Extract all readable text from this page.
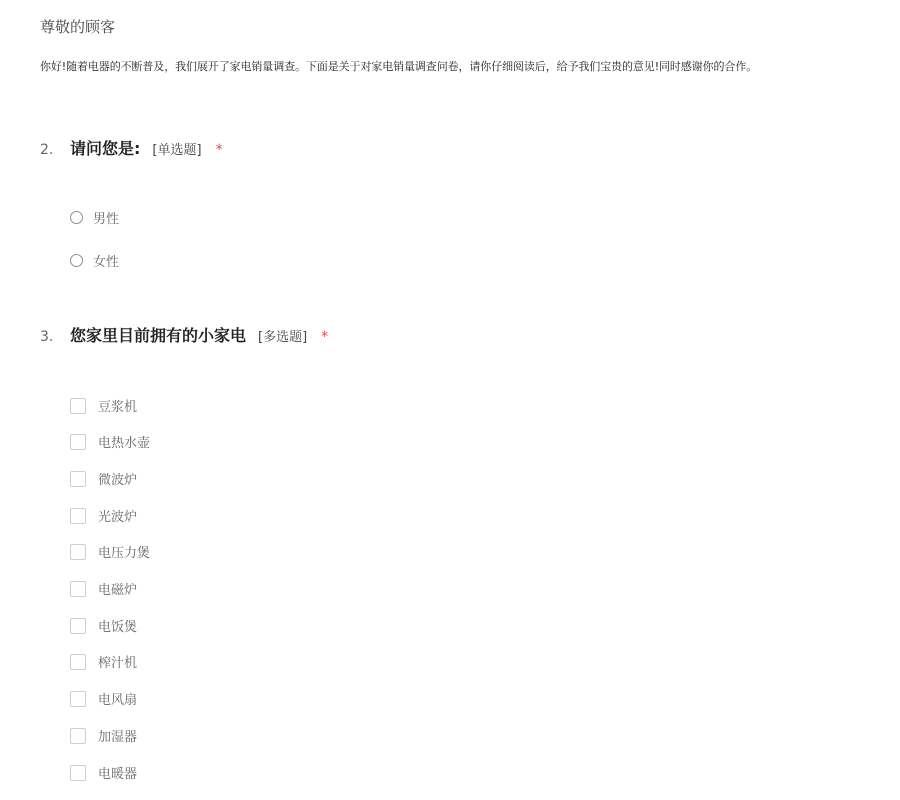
尊敬的顾客
你好!随着电器的不断普及，我们展开了家电销量调查。下面是关于对家电销量调查问卷，请你仔细阅读后，给予我们宝贵的意见!同时感谢你的合作。
2.	请问您是: [单选题] *
男性
女性
3.	您家里目前拥有的小家电 [多选题] *
豆浆机
电热水壶
微波炉
光波炉
电压力煲
电磁炉
电饭煲
榨汁机
电风扇
加湿器
电暖器
